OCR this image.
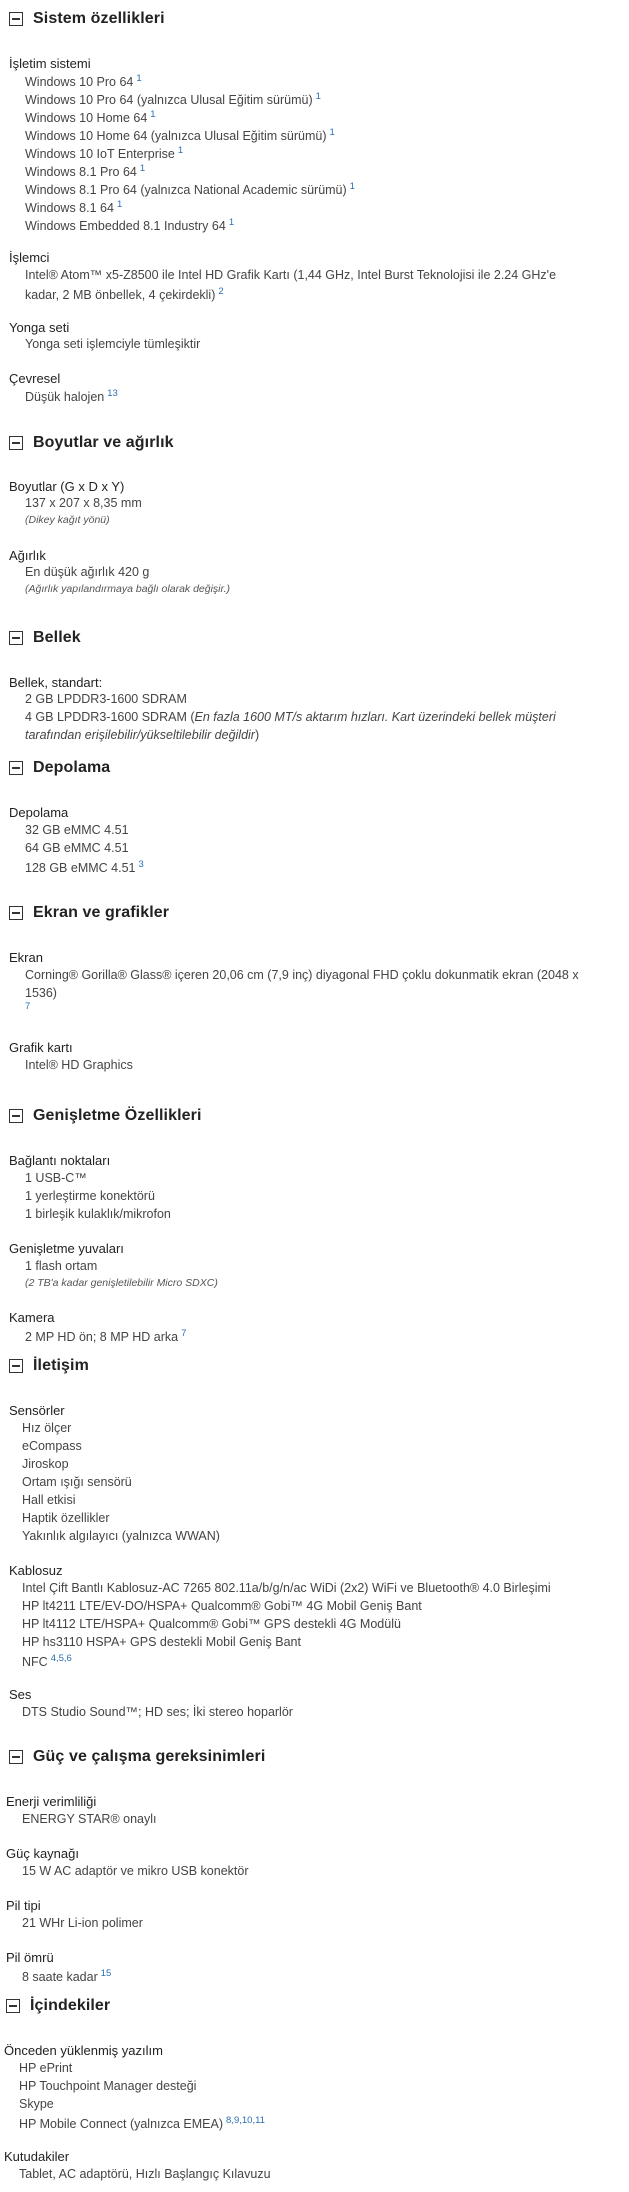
Sistem özellikleri
İşletim sistemi
Windows 10 Pro 64 $^1$
Windows 10 Pro 64 (yalnızca Ulusal Eğitim sürümü) $^1$
Windows 10 Home 64 $^1$
Windows 10 Home 64 (yalnızca Ulusal Eğitim sürümü) $^1$
Windows 10 IoT Enterprise $^1$
Windows 8.1 Pro 64 $^1$
Windows 8.1 Pro 64 (yalnızca National Academic sürümü) $^1$
Windows 8.1 64 $^1$
Windows Embedded 8.1 Industry 64 $^1$
İşlemci
Intel® Atom™ x5-Z8500 ile Intel HD Grafik Kartı (1,44 GHz, Intel Burst Teknolojisi ile 2.24 GHz'e
kadar, 2 MB önbellek, 4 çekirdekli) $^2$
Yonga seti
Yonga seti işlemciyle tümleşiktir
Çevresel
Düşük halojen $^{13}$
Boyutlar ve ağırlık
Boyutlar (G x D x Y)
137 x 207 x 8,35 mm
(Dikey kağıt yönü)
Ağırlık
En düşük ağırlık 420 g
(Ağırlık yapılandırmaya bağlı olarak değişir.)
Bellek
Bellek, standart:
2 GB LPDDR3-1600 SDRAM
4 GB LPDDR3-1600 SDRAM (En fazla 1600 MT/s aktarım hızları. Kart üzerindeki bellek müşteri
tarafından erişilebilir/yükseltilebilir değildir)
Depolama
Depolama
32 GB eMMC 4.51
64 GB eMMC 4.51
128 GB eMMC 4.51 $^3$
Ekran ve grafikler
Ekran
Corning® Gorilla® Glass® içeren 20,06 cm (7,9 inç) diyagonal FHD çoklu dokunmatik ekran (2048 x
1536)
$^7$
Grafik kartı
Intel® HD Graphics
Genişletme Özellikleri
Bağlantı noktaları
1 USB-C™
1 yerleştirme konektörü
1 birleşik kulaklık/mikrofon
Genişletme yuvaları
1 flash ortam
(2 TB'a kadar genişletilebilir Micro SDXC)
Kamera
2 MP HD ön; 8 MP HD arka $^7$
İletişim
Sensörler
Hız ölçer
eCompass
Jiroskop
Ortam ışığı sensörü
Hall etkisi
Haptik özellikler
Yakınlık algılayıcı (yalnızca WWAN)
Kablosuz
Intel Çift Bantlı Kablosuz-AC 7265 802.11a/b/g/n/ac WiDi (2x2) WiFi ve Bluetooth® 4.0 Birleşimi
HP lt4211 LTE/EV-DO/HSPA+ Qualcomm® Gobi™ 4G Mobil Geniş Bant
HP lt4112 LTE/HSPA+ Qualcomm® Gobi™ GPS destekli 4G Modülü
HP hs3110 HSPA+ GPS destekli Mobil Geniş Bant
NFC $^{4,5,6}$
Ses
DTS Studio Sound™; HD ses; İki stereo hoparlör
Güç ve çalışma gereksinimleri
Enerji verimliliği
ENERGY STAR® onaylı
Güç kaynağı
15 W AC adaptör ve mikro USB konektör
Pil tipi
21 WHr Li-ion polimer
Pil ömrü
8 saate kadar $^{15}$
İçindekiler
Önceden yüklenmiş yazılım
HP ePrint
HP Touchpoint Manager desteği
Skype
HP Mobile Connect (yalnızca EMEA) $^{8,9,10,11}$
Kutudakiler
Tablet, AC adaptörü, Hızlı Başlangıç Kılavuzu
